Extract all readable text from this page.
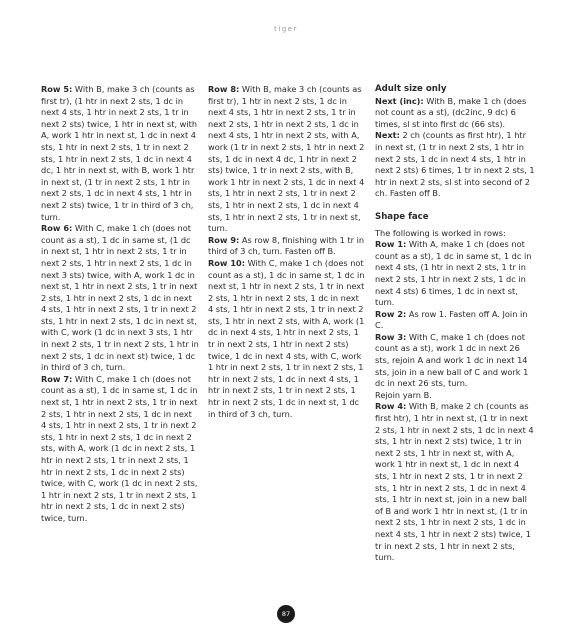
tiger

Row 5: With B, make 3 ch (counts as first tr), (1 htr in next 2 sts, 1 dc in next 4 sts, 1 htr in next 2 sts, 1 tr in next 2 sts) twice, 1 htr in next st, with A, work 1 htr in next st, 1 dc in next 4 sts, 1 htr in next 2 sts, 1 tr in next 2 sts, 1 htr in next 2 sts, 1 dc in next 4 dc, 1 htr in next st, with B, work 1 htr in next st, (1 tr in next 2 sts, 1 htr in next 2 sts, 1 dc in next 4 sts, 1 htr in next 2 sts) twice, 1 tr in third of 3 ch, turn.

Row 6: With C, make 1 ch (does not count as a st), 1 dc in same st, (1 dc in next st, 1 htr in next 2 sts, 1 tr in next 2 sts, 1 htr in next 2 sts, 1 dc in next 3 sts) twice, with A, work 1 dc in next st, 1 htr in next 2 sts, 1 tr in next 2 sts, 1 htr in next 2 sts, 1 dc in next 4 sts, 1 htr in next 2 sts, 1 tr in next 2 sts, 1 htr in next 2 sts, 1 dc in next st, with C, work (1 dc in next 3 sts, 1 htr in next 2 sts, 1 tr in next 2 sts, 1 htr in next 2 sts, 1 dc in next st) twice, 1 dc in third of 3 ch, turn.

Row 7: With C, make 1 ch (does not count as a st), 1 dc in same st, 1 dc in next st, 1 htr in next 2 sts, 1 tr in next 2 sts, 1 htr in next 2 sts, 1 dc in next 4 sts, 1 htr in next 2 sts, 1 tr in next 2 sts, 1 htr in next 2 sts, 1 dc in next 2 sts, with A, work (1 dc in next 2 sts, 1 htr in next 2 sts, 1 tr in next 2 sts, 1 htr in next 2 sts, 1 dc in next 2 sts) twice, with C, work (1 dc in next 2 sts, 1 htr in next 2 sts, 1 tr in next 2 sts, 1 htr in next 2 sts, 1 dc in next 2 sts) twice, turn.

Row 8: With B, make 3 ch (counts as first tr), 1 htr in next 2 sts, 1 dc in next 4 sts, 1 htr in next 2 sts, 1 tr in next 2 sts, 1 htr in next 2 sts, 1 dc in next 4 sts, 1 htr in next 2 sts, with A, work (1 tr in next 2 sts, 1 htr in next 2 sts, 1 dc in next 4 dc, 1 htr in next 2 sts) twice, 1 tr in next 2 sts, with B, work 1 htr in next 2 sts, 1 dc in next 4 sts, 1 htr in next 2 sts, 1 tr in next 2 sts, 1 htr in next 2 sts, 1 dc in next 4 sts, 1 htr in next 2 sts, 1 tr in next st, turn.

Row 9: As row 8, finishing with 1 tr in third of 3 ch, turn. Fasten off B.

Row 10: With C, make 1 ch (does not count as a st), 1 dc in same st, 1 dc in next st, 1 htr in next 2 sts, 1 tr in next 2 sts, 1 htr in next 2 sts, 1 dc in next 4 sts, 1 htr in next 2 sts, 1 tr in next 2 sts, 1 htr in next 2 sts, with A, work (1 dc in next 4 sts, 1 htr in next 2 sts, 1 tr in next 2 sts, 1 htr in next 2 sts) twice, 1 dc in next 4 sts, with C, work 1 htr in next 2 sts, 1 tr in next 2 sts, 1 htr in next 2 sts, 1 dc in next 4 sts, 1 htr in next 2 sts, 1 tr in next 2 sts, 1 htr in next 2 sts, 1 dc in next st, 1 dc in third of 3 ch, turn.

Adult size only

Next (inc): With B, make 1 ch (does not count as a st), (dc2inc, 9 dc) 6 times, sl st into first dc (66 sts).

Next: 2 ch (counts as first htr), 1 htr in next st, (1 tr in next 2 sts, 1 htr in next 2 sts, 1 dc in next 4 sts, 1 htr in next 2 sts) 6 times, 1 tr in next 2 sts, 1 htr in next 2 sts, sl st into second of 2 ch. Fasten off B.

Shape face

The following is worked in rows:

Row 1: With A, make 1 ch (does not count as a st), 1 dc in same st, 1 dc in next 4 sts, (1 htr in next 2 sts, 1 tr in next 2 sts, 1 htr in next 2 sts, 1 dc in next 4 sts) 6 times, 1 dc in next st, turn.

Row 2: As row 1. Fasten off A. Join in C.

Row 3: With C, make 1 ch (does not count as a st), work 1 dc in next 26 sts, rejoin A and work 1 dc in next 14 sts, join in a new ball of C and work 1 dc in next 26 sts, turn.

Rejoin yarn B.

Row 4: With B, make 2 ch (counts as first htr), 1 htr in next st, (1 tr in next 2 sts, 1 htr in next 2 sts, 1 dc in next 4 sts, 1 htr in next 2 sts) twice, 1 tr in next 2 sts, 1 htr in next st, with A, work 1 htr in next st, 1 dc in next 4 sts, 1 htr in next 2 sts, 1 tr in next 2 sts, 1 htr in next 2 sts, 1 dc in next 4 sts, 1 htr in next st, join in a new ball of B and work 1 htr in next st, (1 tr in next 2 sts, 1 htr in next 2 sts, 1 dc in next 4 sts, 1 htr in next 2 sts) twice, 1 tr in next 2 sts, 1 htr in next 2 sts, turn.

87
